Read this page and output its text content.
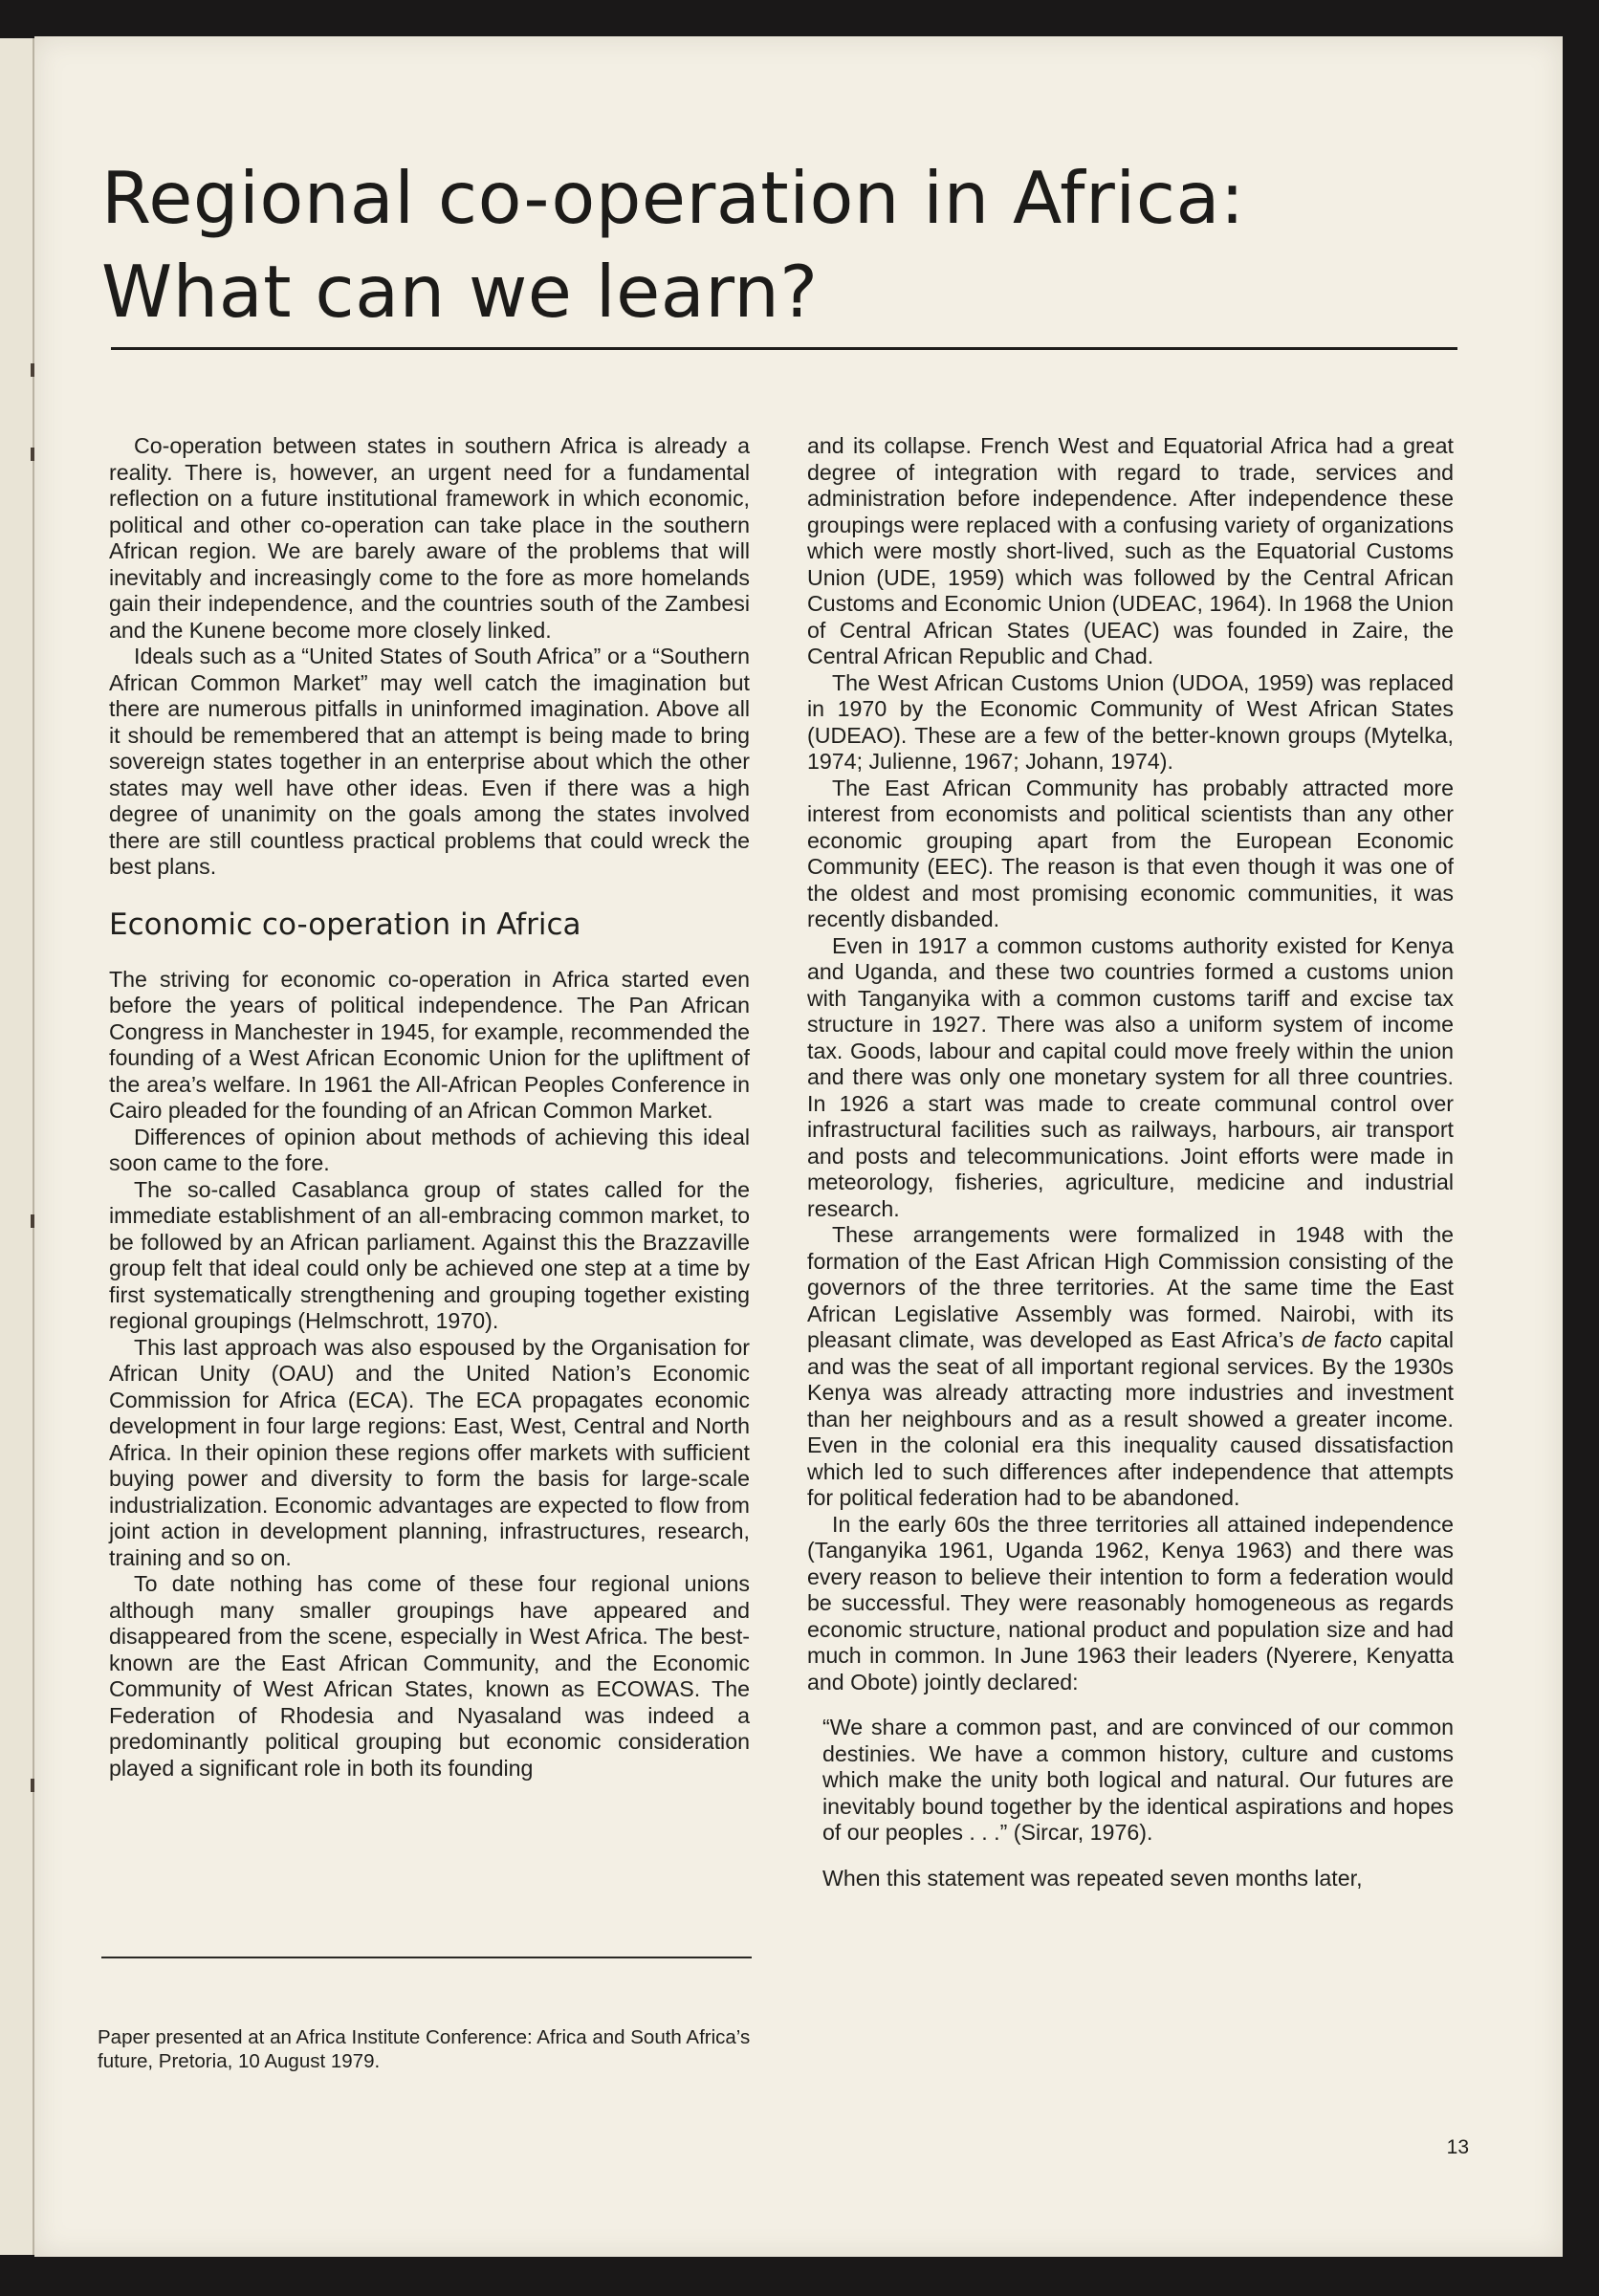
Regional co-operation in Africa:
What can we learn?

Co-operation between states in southern Africa is already a reality. There is, however, an urgent need for a fundamental reflection on a future institutional framework in which economic, political and other co-operation can take place in the southern African region. We are barely aware of the problems that will inevitably and increasingly come to the fore as more homelands gain their independence, and the countries south of the Zambesi and the Kunene become more closely linked.

Ideals such as a “United States of South Africa” or a “Southern African Common Market” may well catch the imagination but there are numerous pitfalls in uninformed imagination. Above all it should be remembered that an attempt is being made to bring sovereign states together in an enterprise about which the other states may well have other ideas. Even if there was a high degree of unanimity on the goals among the states involved there are still countless practical problems that could wreck the best plans.

Economic co-operation in Africa

The striving for economic co-operation in Africa started even before the years of political independence. The Pan African Congress in Manchester in 1945, for example, recommended the founding of a West African Economic Union for the upliftment of the area’s welfare. In 1961 the All-African Peoples Conference in Cairo pleaded for the founding of an African Common Market.

Differences of opinion about methods of achieving this ideal soon came to the fore.

The so-called Casablanca group of states called for the immediate establishment of an all-embracing common market, to be followed by an African parliament. Against this the Brazzaville group felt that ideal could only be achieved one step at a time by first systematically strengthening and grouping together existing regional groupings (Helmschrott, 1970).

This last approach was also espoused by the Organisation for African Unity (OAU) and the United Nation’s Economic Commission for Africa (ECA). The ECA propagates economic development in four large regions: East, West, Central and North Africa. In their opinion these regions offer markets with sufficient buying power and diversity to form the basis for large-scale industrialization. Economic advantages are expected to flow from joint action in development planning, infrastructures, research, training and so on.

To date nothing has come of these four regional unions although many smaller groupings have appeared and disappeared from the scene, especially in West Africa. The best-known are the East African Community, and the Economic Community of West African States, known as ECOWAS. The Federation of Rhodesia and Nyasaland was indeed a predominantly political grouping but economic consideration played a significant role in both its founding

and its collapse. French West and Equatorial Africa had a great degree of integration with regard to trade, services and administration before independence. After independence these groupings were replaced with a confusing variety of organizations which were mostly short-lived, such as the Equatorial Customs Union (UDE, 1959) which was followed by the Central African Customs and Economic Union (UDEAC, 1964). In 1968 the Union of Central African States (UEAC) was founded in Zaire, the Central African Republic and Chad.

The West African Customs Union (UDOA, 1959) was replaced in 1970 by the Economic Community of West African States (UDEAO). These are a few of the better-known groups (Mytelka, 1974; Julienne, 1967; Johann, 1974).

The East African Community has probably attracted more interest from economists and political scientists than any other economic grouping apart from the European Economic Community (EEC). The reason is that even though it was one of the oldest and most promising economic communities, it was recently disbanded.

Even in 1917 a common customs authority existed for Kenya and Uganda, and these two countries formed a customs union with Tanganyika with a common customs tariff and excise tax structure in 1927. There was also a uniform system of income tax. Goods, labour and capital could move freely within the union and there was only one monetary system for all three countries. In 1926 a start was made to create communal control over infrastructural facilities such as railways, harbours, air transport and posts and telecommunications. Joint efforts were made in meteorology, fisheries, agriculture, medicine and industrial research.

These arrangements were formalized in 1948 with the formation of the East African High Commission consisting of the governors of the three territories. At the same time the East African Legislative Assembly was formed. Nairobi, with its pleasant climate, was developed as East Africa’s de facto capital and was the seat of all important regional services. By the 1930s Kenya was already attracting more industries and investment than her neighbours and as a result showed a greater income. Even in the colonial era this inequality caused dissatisfaction which led to such differences after independence that attempts for political federation had to be abandoned.

In the early 60s the three territories all attained independence (Tanganyika 1961, Uganda 1962, Kenya 1963) and there was every reason to believe their intention to form a federation would be successful. They were reasonably homogeneous as regards economic structure, national product and population size and had much in common. In June 1963 their leaders (Nyerere, Kenyatta and Obote) jointly declared:

“We share a common past, and are convinced of our common destinies. We have a common history, culture and customs which make the unity both logical and natural. Our futures are inevitably bound together by the identical aspirations and hopes of our peoples . . .” (Sircar, 1976).

When this statement was repeated seven months later,

Paper presented at an Africa Institute Conference: Africa and South Africa’s future, Pretoria, 10 August 1979.

13
